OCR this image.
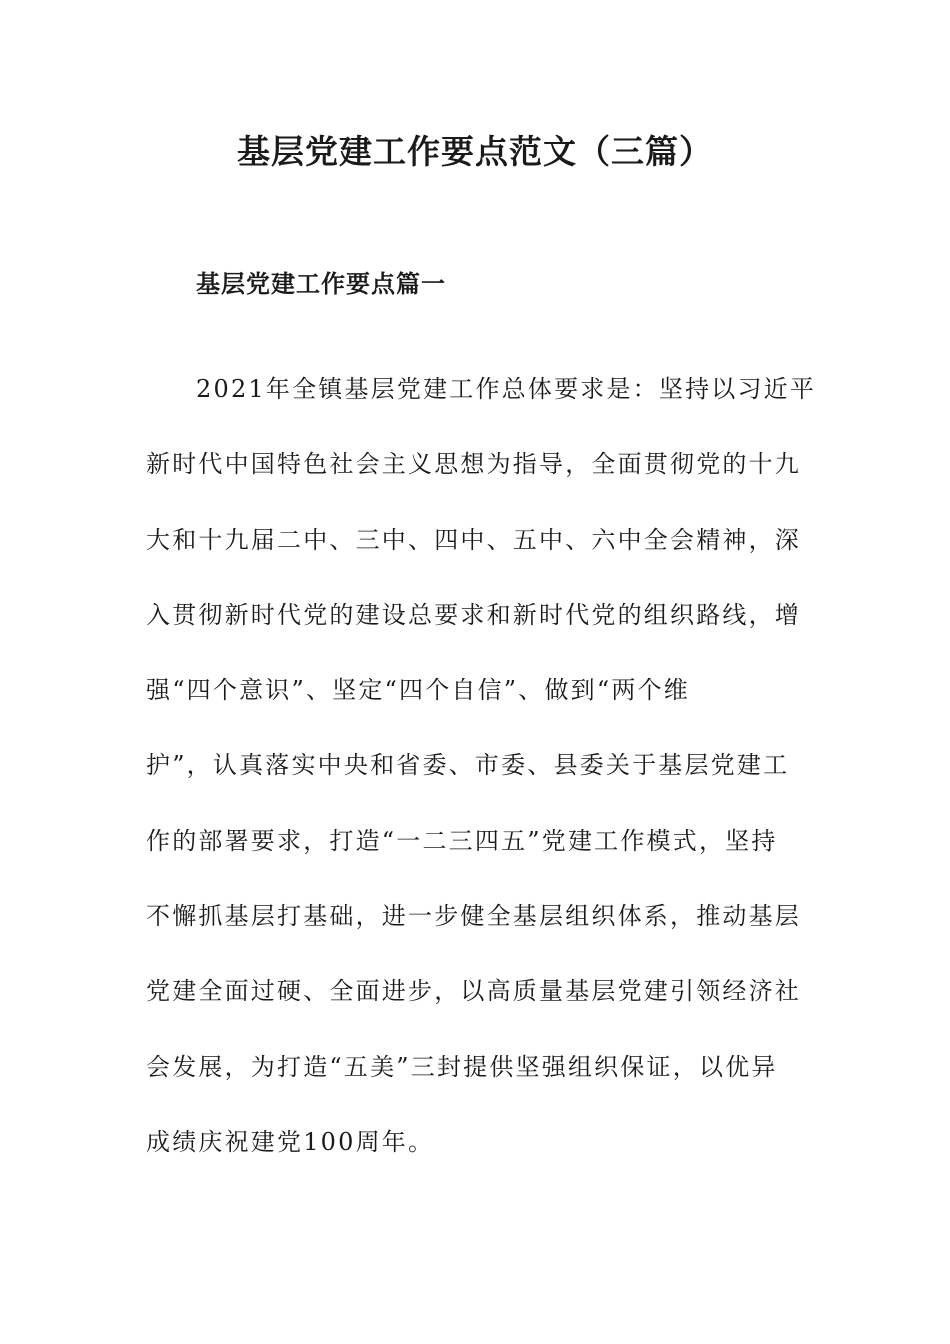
基层党建工作要点范文（三篇）
基层党建工作要点篇一
2021年全镇基层党建工作总体要求是：坚持以习近平
新时代中国特色社会主义思想为指导，全面贯彻党的十九
大和十九届二中、三中、四中、五中、六中全会精神，深
入贯彻新时代党的建设总要求和新时代党的组织路线，增
强“四个意识”、坚定“四个自信”、做到“两个维
护”，认真落实中央和省委、市委、县委关于基层党建工
作的部署要求，打造“一二三四五”党建工作模式，坚持
不懈抓基层打基础，进一步健全基层组织体系，推动基层
党建全面过硬、全面进步，以高质量基层党建引领经济社
会发展，为打造“五美”三封提供坚强组织保证，以优异
成绩庆祝建党100周年。
